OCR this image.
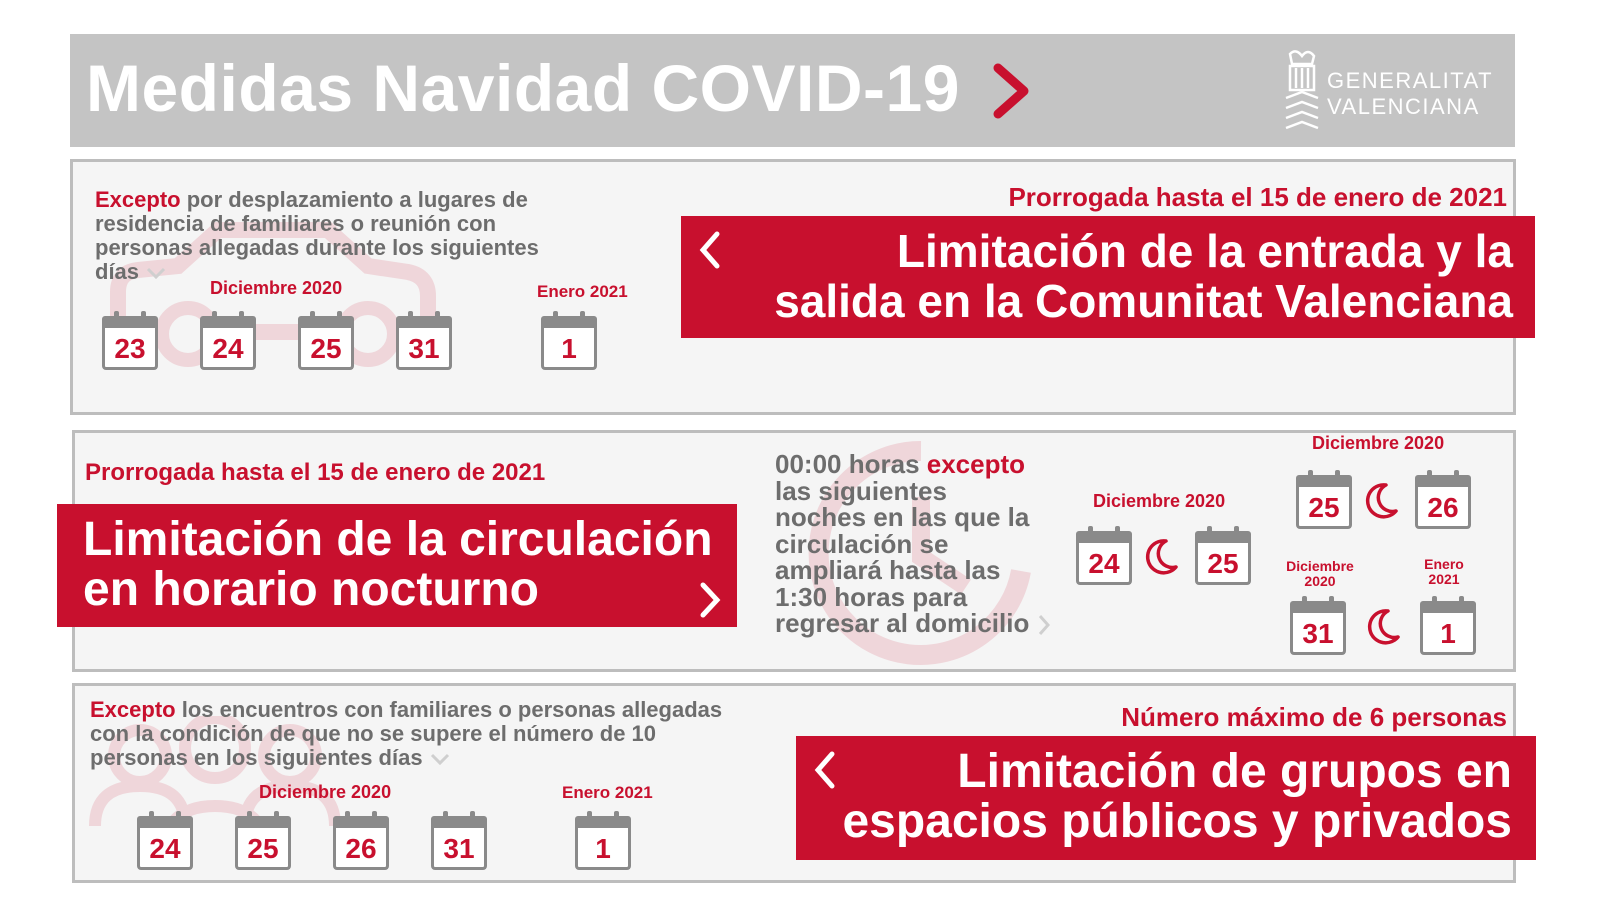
Medidas Navidad COVID-19	GENERALITAT
VALENCIANA
Excepto por desplazamiento a lugares de
residencia de familiares o reunión con
personas allegadas durante los siguientes
días
Diciembre 2020	Enero 2021
23	24	25	31	1
Prorrogada hasta el 15 de enero de 2021
Limitación de la entrada y la
salida en la Comunitat Valenciana
Prorrogada hasta el 15 de enero de 2021	00:00 horas excepto
las siguientes
noches en las que la
circulación se
ampliará hasta las
1:30 horas para
regresar al domicilio
Diciembre 2020
24	25
Diciembre 2020
25	26
Diciembre
2020
31
Enero
2021
1
Limitación de la circulación
en horario nocturno
Excepto los encuentros con familiares o personas allegadas
con la condición de que no se supere el número de 10
personas en los siguientes días
Diciembre 2020	Enero 2021
24	25	26	31	1
Número máximo de 6 personas
Limitación de grupos en
espacios públicos y privados
